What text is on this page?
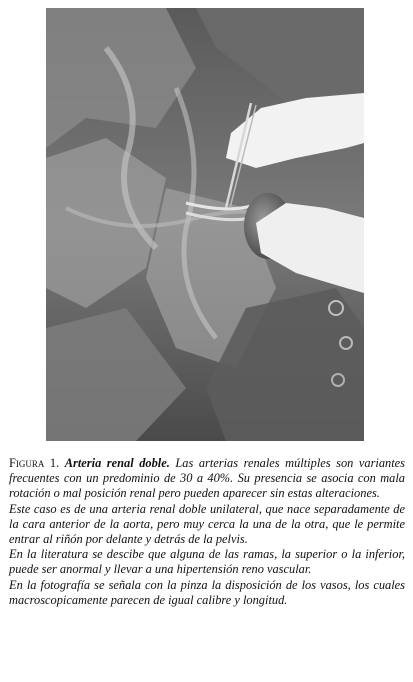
Figura 1. Arteria renal doble. Las arterias renales múltiples son variantes frecuentes con un predominio de 30 a 40%. Su presencia se asocia con mala rotación o mal posición renal pero pueden aparecer sin estas alteraciones.

Este caso es de una arteria renal doble unilateral, que nace separadamente de la cara anterior de la aorta, pero muy cerca la una de la otra, que le permite entrar al riñón por delante y detrás de la pelvis.

En la literatura se descibe que alguna de las ramas, la superior o la inferior, puede ser anormal y llevar a una hipertensión reno vascular.

En la fotografía se señala con la pinza la disposición de los vasos, los cuales macroscopicamente parecen de igual calibre y longitud.
